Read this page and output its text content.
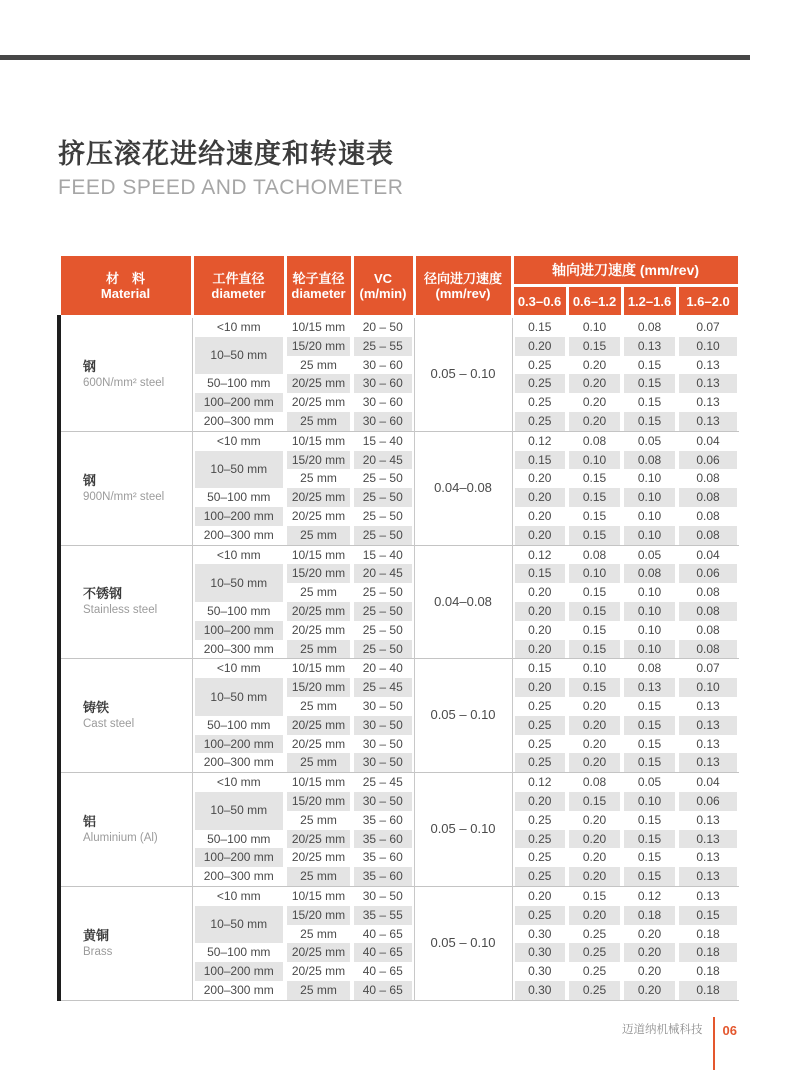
挤压滚花进给速度和转速表
FEED SPEED AND TACHOMETER
材　料
Material

工件直径
diameter

轮子直径
diameter

VC
(m/min)

径向进刀速度
(mm/rev)
	轴向进刀速度 (mm/rev)
					0.3–0.6	0.6–1.2	1.2–1.6	1.6–2.0

钢
600N/mm² steel	<10 mm	10/15 mm	20 – 50	0.05 – 0.10	0.15	0.10	0.08	0.07
	10–50 mm	15/20 mm	25 – 55		0.20	0.15	0.13	0.10
		25 mm	30 – 60		0.25	0.20	0.15	0.13
	50–100 mm	20/25 mm	30 – 60		0.25	0.20	0.15	0.13
	100–200 mm	20/25 mm	30 – 60		0.25	0.20	0.15	0.13
	200–300 mm	25 mm	30 – 60		0.25	0.20	0.15	0.13

钢
900N/mm² steel	<10 mm	10/15 mm	15 – 40	0.04–0.08	0.12	0.08	0.05	0.04
	10–50 mm	15/20 mm	20 – 45		0.15	0.10	0.08	0.06
		25 mm	25 – 50		0.20	0.15	0.10	0.08
	50–100 mm	20/25 mm	25 – 50		0.20	0.15	0.10	0.08
	100–200 mm	20/25 mm	25 – 50		0.20	0.15	0.10	0.08
	200–300 mm	25 mm	25 – 50		0.20	0.15	0.10	0.08

不锈钢
Stainless steel	<10 mm	10/15 mm	15 – 40	0.04–0.08	0.12	0.08	0.05	0.04
	10–50 mm	15/20 mm	20 – 45		0.15	0.10	0.08	0.06
		25 mm	25 – 50		0.20	0.15	0.10	0.08
	50–100 mm	20/25 mm	25 – 50		0.20	0.15	0.10	0.08
	100–200 mm	20/25 mm	25 – 50		0.20	0.15	0.10	0.08
	200–300 mm	25 mm	25 – 50		0.20	0.15	0.10	0.08

铸铁
Cast steel	<10 mm	10/15 mm	20 – 40	0.05 – 0.10	0.15	0.10	0.08	0.07
	10–50 mm	15/20 mm	25 – 45		0.20	0.15	0.13	0.10
		25 mm	30 – 50		0.25	0.20	0.15	0.13
	50–100 mm	20/25 mm	30 – 50		0.25	0.20	0.15	0.13
	100–200 mm	20/25 mm	30 – 50		0.25	0.20	0.15	0.13
	200–300 mm	25 mm	30 – 50		0.25	0.20	0.15	0.13

铝
Aluminium (Al)	<10 mm	10/15 mm	25 – 45	0.05 – 0.10	0.12	0.08	0.05	0.04
	10–50 mm	15/20 mm	30 – 50		0.20	0.15	0.10	0.06
		25 mm	35 – 60		0.25	0.20	0.15	0.13
	50–100 mm	20/25 mm	35 – 60		0.25	0.20	0.15	0.13
	100–200 mm	20/25 mm	35 – 60		0.25	0.20	0.15	0.13
	200–300 mm	25 mm	35 – 60		0.25	0.20	0.15	0.13

黄铜
Brass	<10 mm	10/15 mm	30 – 50	0.05 – 0.10	0.20	0.15	0.12	0.13
	10–50 mm	15/20 mm	35 – 55		0.25	0.20	0.18	0.15
		25 mm	40 – 65		0.30	0.25	0.20	0.18
	50–100 mm	20/25 mm	40 – 65		0.30	0.25	0.20	0.18
	100–200 mm	20/25 mm	40 – 65		0.30	0.25	0.20	0.18
	200–300 mm	25 mm	40 – 65		0.30	0.25	0.20	0.18
迈道纳机械科技 06
